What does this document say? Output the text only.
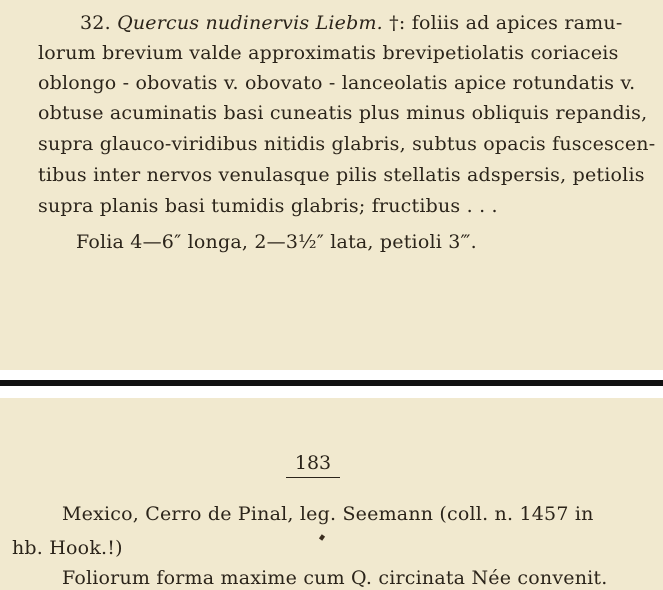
32. Quercus nudinervis Liebm. †: foliis ad apices ramu-
lorum brevium valde approximatis brevipetiolatis coriaceis
oblongo - obovatis v. obovato - lanceolatis apice rotundatis v.
obtuse acuminatis basi cuneatis plus minus obliquis repandis,
supra glauco-viridibus nitidis glabris, subtus opacis fuscescen-
tibus inter nervos venulasque pilis stellatis adspersis, petiolis
supra planis basi tumidis glabris; fructibus . . .
Folia 4—6″ longa, 2—3½″ lata, petioli 3‴.
183
Mexico, Cerro de Pinal, leg. Seemann (coll. n. 1457 in
hb. Hook.!)
Foliorum forma maxime cum Q. circinata Née convenit.
